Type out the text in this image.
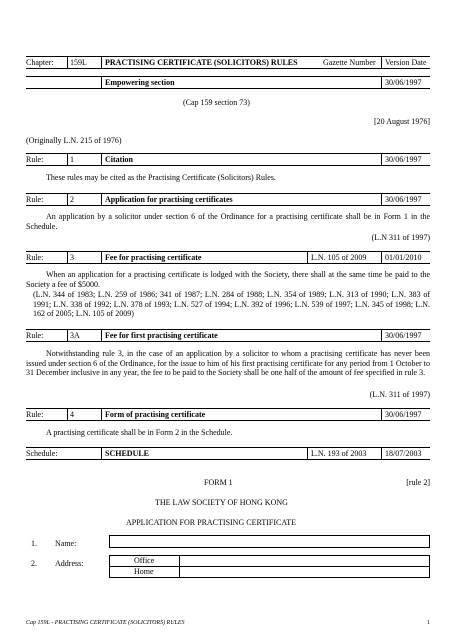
Chapter: 159L PRACTISING CERTIFICATE (SOLICITORS) RULES	Gazette Number Version Date
Empowering section	30/06/1997
(Cap 159 section 73)
[20 August 1976]
(Originally L.N. 215 of 1976)
Rule:	1	Citation	30/06/1997
These rules may be cited as the Practising Certificate (Solicitors) Rules.
Rule:	2	Application for practising certificates	30/06/1997
An application by a solicitor under section 6 of the Ordinance for a practising certificate shall be in Form 1 in the Schedule.
(L.N 311 of 1997)
Rule:	3	Fee for practising certificate	L.N. 105 of 2009 01/01/2010
When an application for a practising certificate is lodged with the Society, there shall at the same time be paid to the Society a fee of $5000.
(L.N. 344 of 1983; L.N. 259 of 1986; 341 of 1987; L.N. 284 of 1988; L.N. 354 of 1989; L.N. 313 of 1990; L.N. 383 of 1991; L.N. 338 of 1992; L.N. 378 of 1993; L.N. 527 of 1994; L.N. 392 of 1996; L.N. 539 of 1997; L.N. 345 of 1998; L.N. 162 of 2005; L.N. 105 of 2009)
Rule:	3A	Fee for first practising certificate	30/06/1997
Notwithstanding rule 3, in the case of an application by a solicitor to whom a practising certificate has never been issued under section 6 of the Ordinance, for the issue to him of his first practising certificate for any period from 1 October to 31 December inclusive in any year, the fee to be paid to the Society shall be one half of the amount of fee specified in rule 3.
(L.N. 311 of 1997)
Rule:	4	Form of practising certificate	30/06/1997
A practising certificate shall be in Form 2 in the Schedule.
Schedule:	SCHEDULE	L.N. 193 of 2003 18/07/2003
FORM 1	[rule 2]
THE LAW SOCIETY OF HONG KONG
APPLICATION FOR PRACTISING CERTIFICATE
1. Name:
2. Address:	Office
Home
Cap 159L - PRACTISING CERTIFICATE (SOLICITORS) RULES	1
